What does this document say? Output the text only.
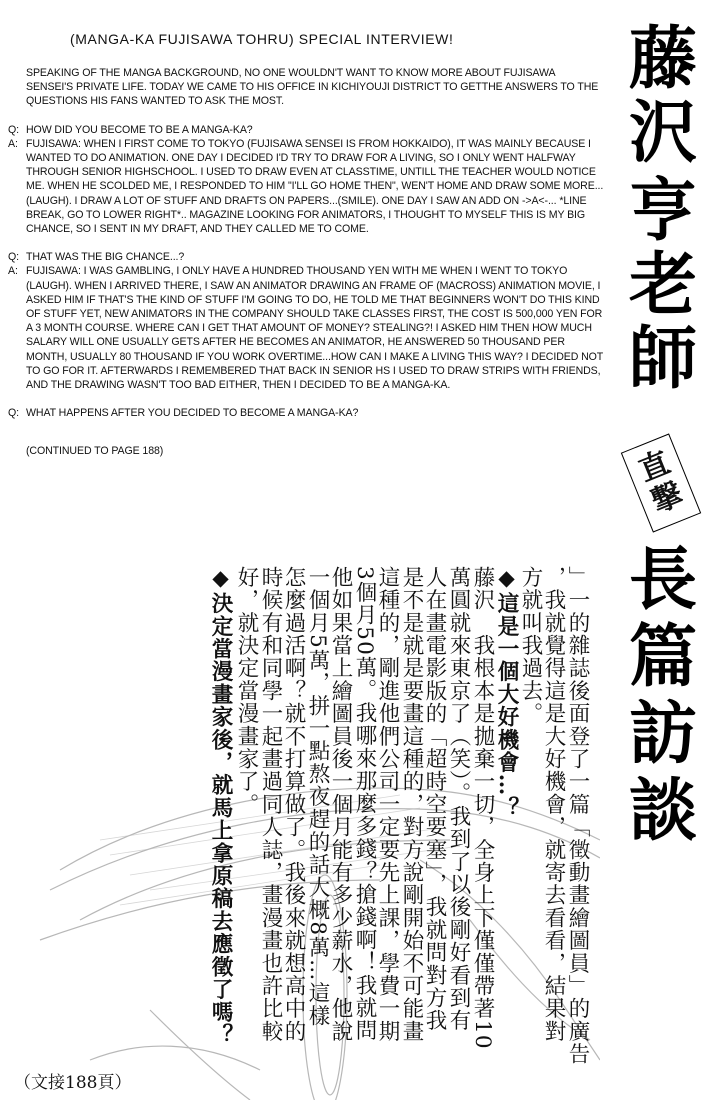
(MANGA-KA FUJISAWA TOHRU) SPECIAL INTERVIEW!
SPEAKING OF THE MANGA BACKGROUND, NO ONE WOULDN'T WANT TO KNOW MORE ABOUT FUJISAWA SENSEI'S PRIVATE LIFE. TODAY WE CAME TO HIS OFFICE IN KICHIYOUJI DISTRICT TO GETTHE ANSWERS TO THE QUESTIONS HIS FANS WANTED TO ASK THE MOST.
Q: HOW DID YOU BECOME TO BE A MANGA-KA?
A: FUJISAWA: WHEN I FIRST COME TO TOKYO (FUJISAWA SENSEI IS FROM HOKKAIDO), IT WAS MAINLY BECAUSE I WANTED TO DO ANIMATION. ONE DAY I DECIDED I'D TRY TO DRAW FOR A LIVING, SO I ONLY WENT HALFWAY THROUGH SENIOR HIGHSCHOOL. I USED TO DRAW EVEN AT CLASSTIME, UNTILL THE TEACHER WOULD NOTICE ME. WHEN HE SCOLDED ME, I RESPONDED TO HIM "I'LL GO HOME THEN", WEN'T HOME AND DRAW SOME MORE... (LAUGH). I DRAW A LOT OF STUFF AND DRAFTS ON PAPERS...(SMILE). ONE DAY I SAW AN ADD ON ->A<-... *LINE BREAK, GO TO LOWER RIGHT*.. MAGAZINE LOOKING FOR ANIMATORS, I THOUGHT TO MYSELF THIS IS MY BIG CHANCE, SO I SENT IN MY DRAFT, AND THEY CALLED ME TO COME.
Q: THAT WAS THE BIG CHANCE...?
A: FUJISAWA: I WAS GAMBLING, I ONLY HAVE A HUNDRED THOUSAND YEN WITH ME WHEN I WENT TO TOKYO (LAUGH). WHEN I ARRIVED THERE, I SAW AN ANIMATOR DRAWING AN FRAME OF (MACROSS) ANIMATION MOVIE, I ASKED HIM IF THAT'S THE KIND OF STUFF I'M GOING TO DO, HE TOLD ME THAT BEGINNERS WON'T DO THIS KIND OF STUFF YET, NEW ANIMATORS IN THE COMPANY SHOULD TAKE CLASSES FIRST, THE COST IS 500,000 YEN FOR A 3 MONTH COURSE. WHERE CAN I GET THAT AMOUNT OF MONEY? STEALING?! I ASKED HIM THEN HOW MUCH SALARY WILL ONE USUALLY GETS AFTER HE BECOMES AN ANIMATOR, HE ANSWERED 50 THOUSAND PER MONTH, USUALLY 80 THOUSAND IF YOU WORK OVERTIME...HOW CAN I MAKE A LIVING THIS WAY? I DECIDED NOT TO GO FOR IT. AFTERWARDS I REMEMBERED THAT BACK IN SENIOR HS I USED TO DRAW STRIPS WITH FRIENDS, AND THE DRAWING WASN'T TOO BAD EITHER, THEN I DECIDED TO BE A MANGA-KA.
Q: WHAT HAPPENS AFTER YOU DECIDED TO BECOME A MANGA-KA?
(CONTINUED TO PAGE 188)
藤
沢
亨
老
師
直
撃
長
篇
訪
談
」一的雜誌後面登了一篇「徵動畫繪圖員」的廣告
，我就覺得這是大好機會，就寄去看看，結果對
方就叫我過去。
◆這是一個大好機會…？
藤沢　我根本是拋棄一切，全身上下僅僅帶著10
萬圓就來東京了（笑）。我到了以後剛好看到有
人在畫電影版的「超時空要塞」，我就問對方我
是不是就是要畫這種的，對方說剛開始不可能畫
這種的，剛進他們公司一定要先上課，學費一期
3個月50萬。我哪來那麼多錢？搶錢啊！我就問
他如果當上繪圖員後一個月能有多少薪水，他說
一個月5萬，拼一點熬夜趕的話大概8萬…這樣
怎麼過活啊？就不打算做了。我後來就想高中的
時候有和同學一起畫過同人誌，畫漫畫也許比較
好，就決定當漫畫家了。
◆決定當漫畫家後，就馬上拿原稿去應徵了嗎？
（文接188頁）
